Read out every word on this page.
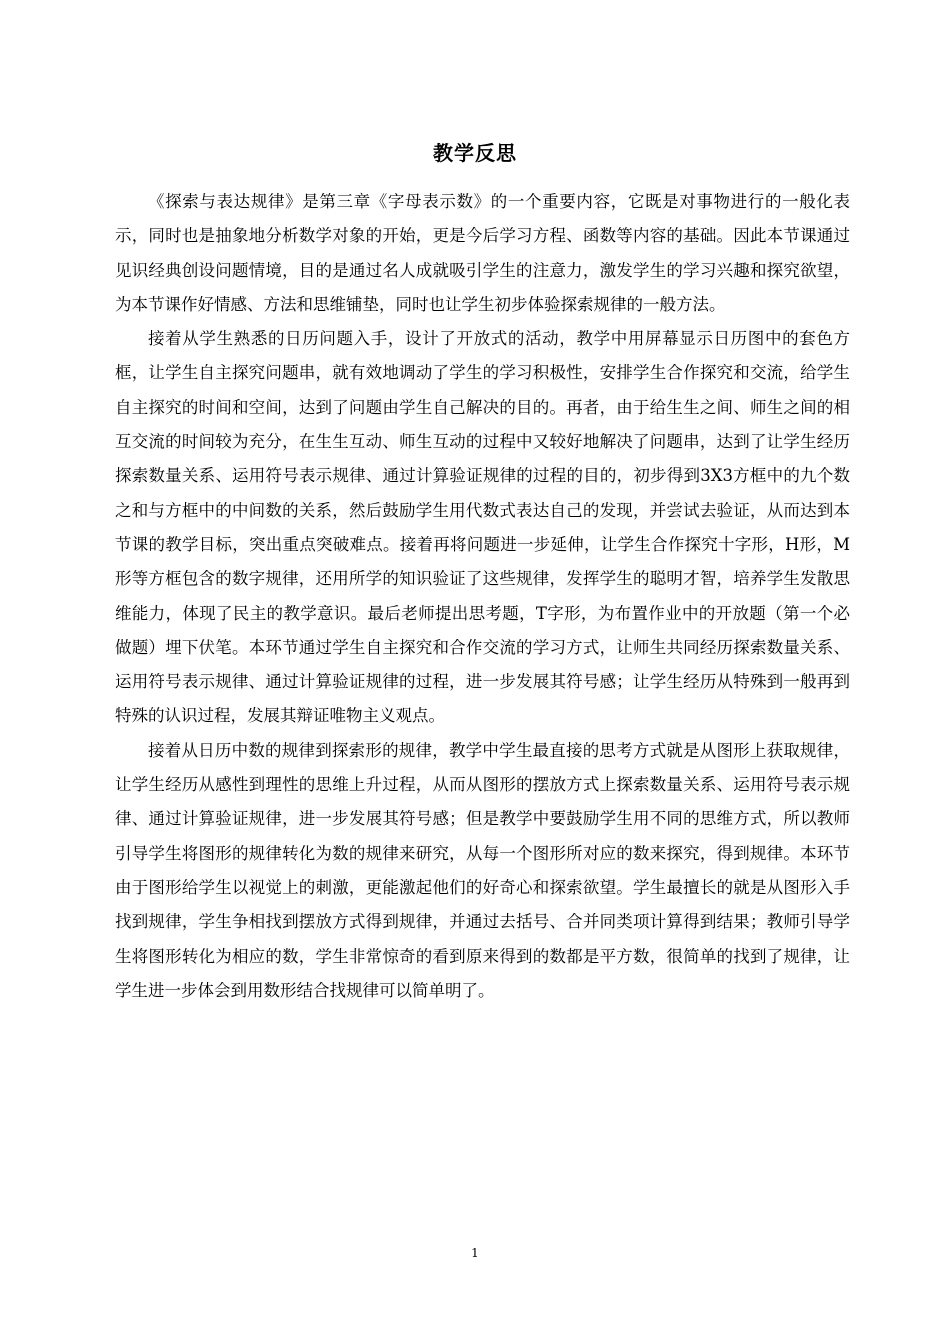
教学反思

《探索与表达规律》是第三章《字母表示数》的一个重要内容，它既是对事物进行的一般化表示，同时也是抽象地分析数学对象的开始，更是今后学习方程、函数等内容的基础。因此本节课通过见识经典创设问题情境，目的是通过名人成就吸引学生的注意力，激发学生的学习兴趣和探究欲望，为本节课作好情感、方法和思维铺垫，同时也让学生初步体验探索规律的一般方法。

接着从学生熟悉的日历问题入手，设计了开放式的活动，教学中用屏幕显示日历图中的套色方框，让学生自主探究问题串，就有效地调动了学生的学习积极性，安排学生合作探究和交流，给学生自主探究的时间和空间，达到了问题由学生自己解决的目的。再者，由于给生生之间、师生之间的相互交流的时间较为充分，在生生互动、师生互动的过程中又较好地解决了问题串，达到了让学生经历探索数量关系、运用符号表示规律、通过计算验证规律的过程的目的，初步得到3X3方框中的九个数之和与方框中的中间数的关系，然后鼓励学生用代数式表达自己的发现，并尝试去验证，从而达到本节课的教学目标，突出重点突破难点。接着再将问题进一步延伸，让学生合作探究十字形，H形，M形等方框包含的数字规律，还用所学的知识验证了这些规律，发挥学生的聪明才智，培养学生发散思维能力，体现了民主的教学意识。最后老师提出思考题，T字形，为布置作业中的开放题（第一个必做题）埋下伏笔。本环节通过学生自主探究和合作交流的学习方式，让师生共同经历探索数量关系、运用符号表示规律、通过计算验证规律的过程，进一步发展其符号感；让学生经历从特殊到一般再到特殊的认识过程，发展其辩证唯物主义观点。

接着从日历中数的规律到探索形的规律，教学中学生最直接的思考方式就是从图形上获取规律，让学生经历从感性到理性的思维上升过程，从而从图形的摆放方式上探索数量关系、运用符号表示规律、通过计算验证规律，进一步发展其符号感；但是教学中要鼓励学生用不同的思维方式，所以教师引导学生将图形的规律转化为数的规律来研究，从每一个图形所对应的数来探究，得到规律。本环节由于图形给学生以视觉上的刺激，更能激起他们的好奇心和探索欲望。学生最擅长的就是从图形入手找到规律，学生争相找到摆放方式得到规律，并通过去括号、合并同类项计算得到结果；教师引导学生将图形转化为相应的数，学生非常惊奇的看到原来得到的数都是平方数，很简单的找到了规律，让学生进一步体会到用数形结合找规律可以简单明了。

1
